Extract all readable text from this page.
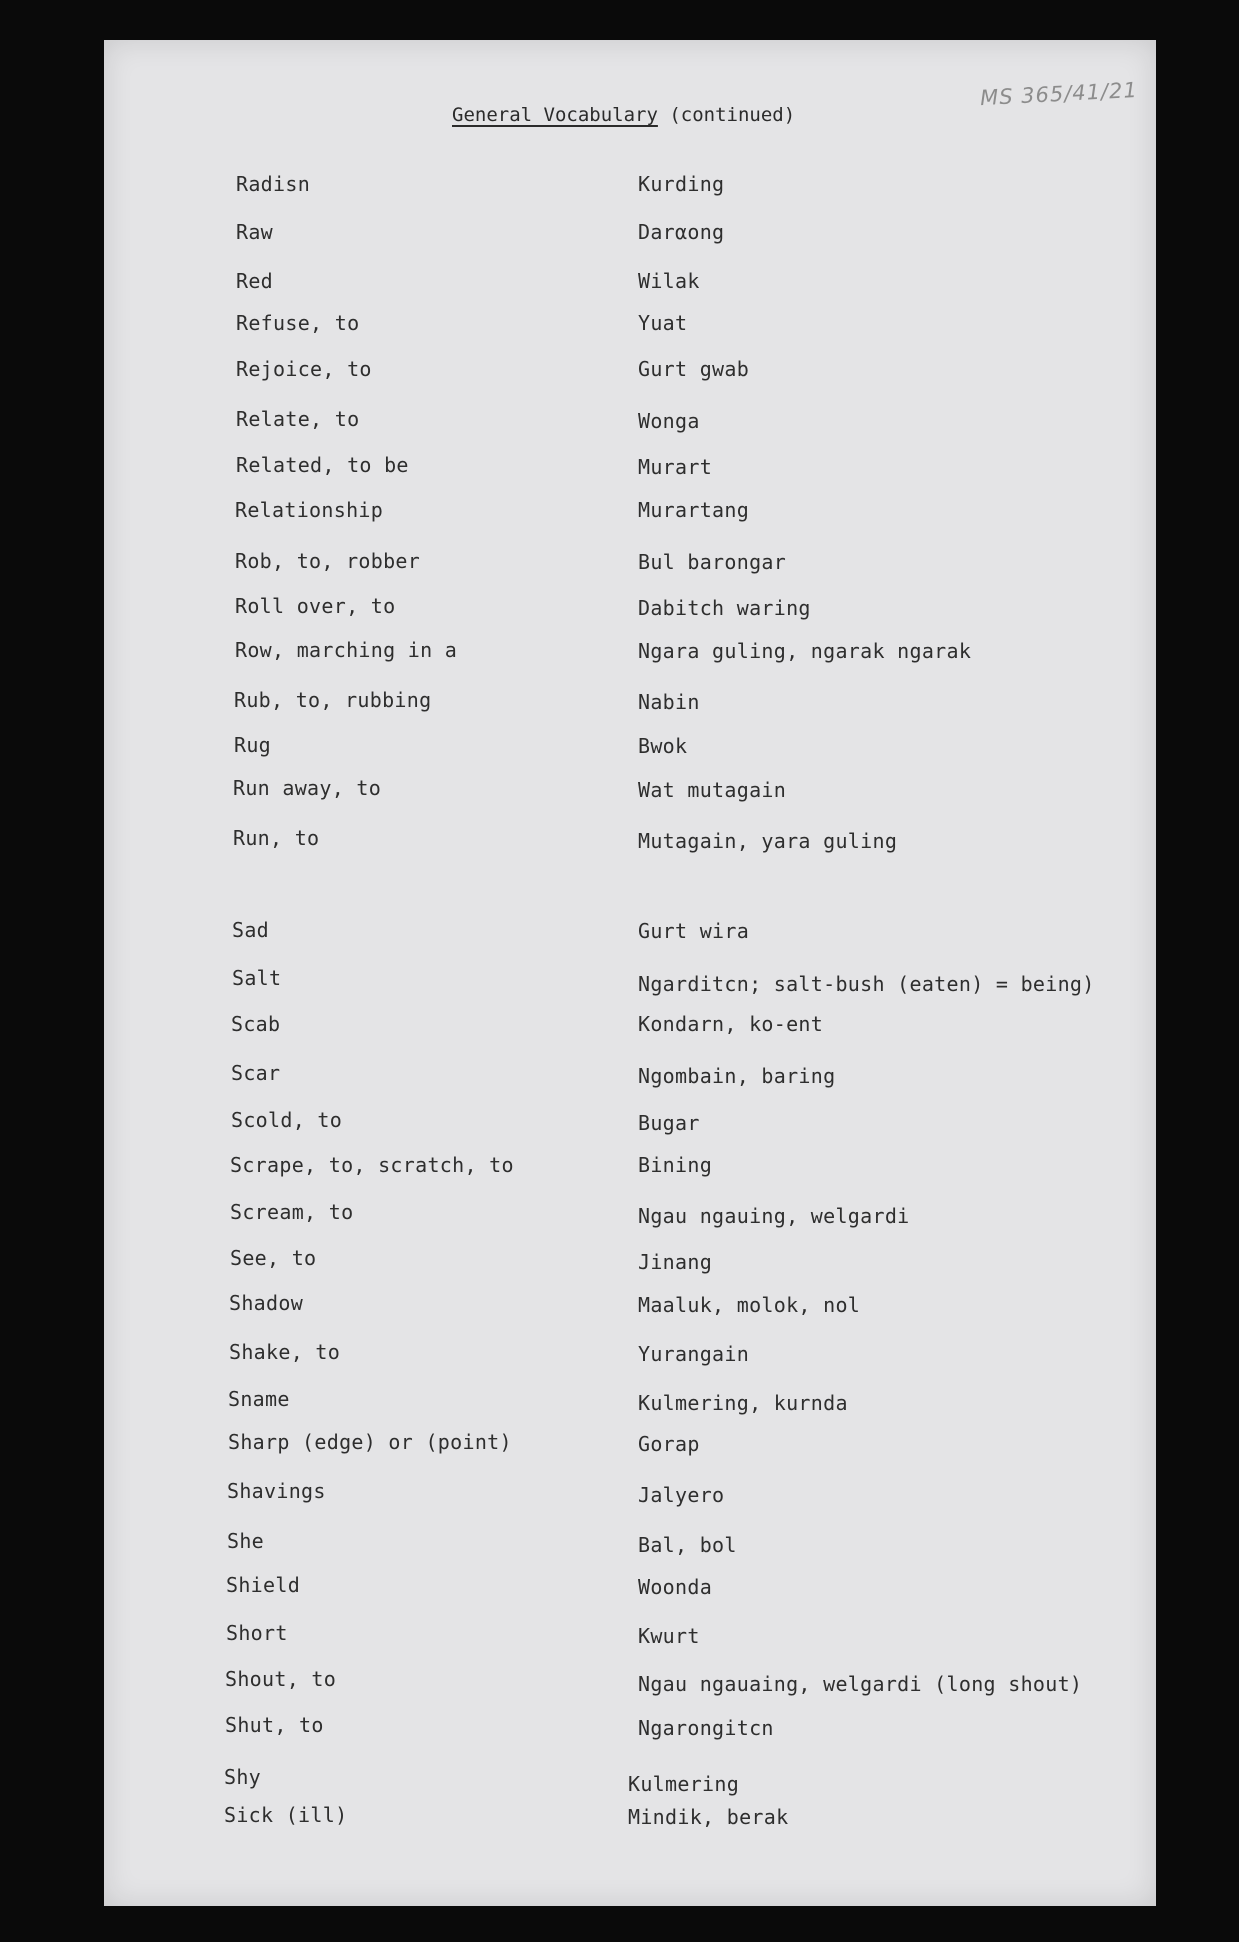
MS 365/41/21
General Vocabulary (continued)
Radisn	Kurding
Raw	Darαong
Red	Wilak
Refuse, to	Yuat
Rejoice, to	Gurt gwab
Relate, to	Wonga
Related, to be	Murart
Relationship	Murartang
Rob, to, robber	Bul barongar
Roll over, to	Dabitch waring
Row, marching in a	Ngara guling, ngarak ngarak
Rub, to, rubbing	Nabin
Rug	Bwok
Run away, to	Wat mutagain
Run, to	Mutagain, yara guling
Sad	Gurt wira
Salt	Ngarditcn; salt-bush (eaten) = being)
Scab	Kondarn, ko-ent
Scar	Ngombain, baring
Scold, to	Bugar
Scrape, to, scratch, to	Bining
Scream, to	Ngau ngauing, welgardi
See, to	Jinang
Shadow	Maaluk, molok, nol
Shake, to	Yurangain
Sname	Kulmering, kurnda
Sharp (edge) or (point)	Gorap
Shavings	Jalyero
She	Bal, bol
Shield	Woonda
Short	Kwurt
Shout, to	Ngau ngauaing, welgardi (long shout)
Shut, to	Ngarongitcn
Shy	Kulmering
Sick (ill)	Mindik, berak
